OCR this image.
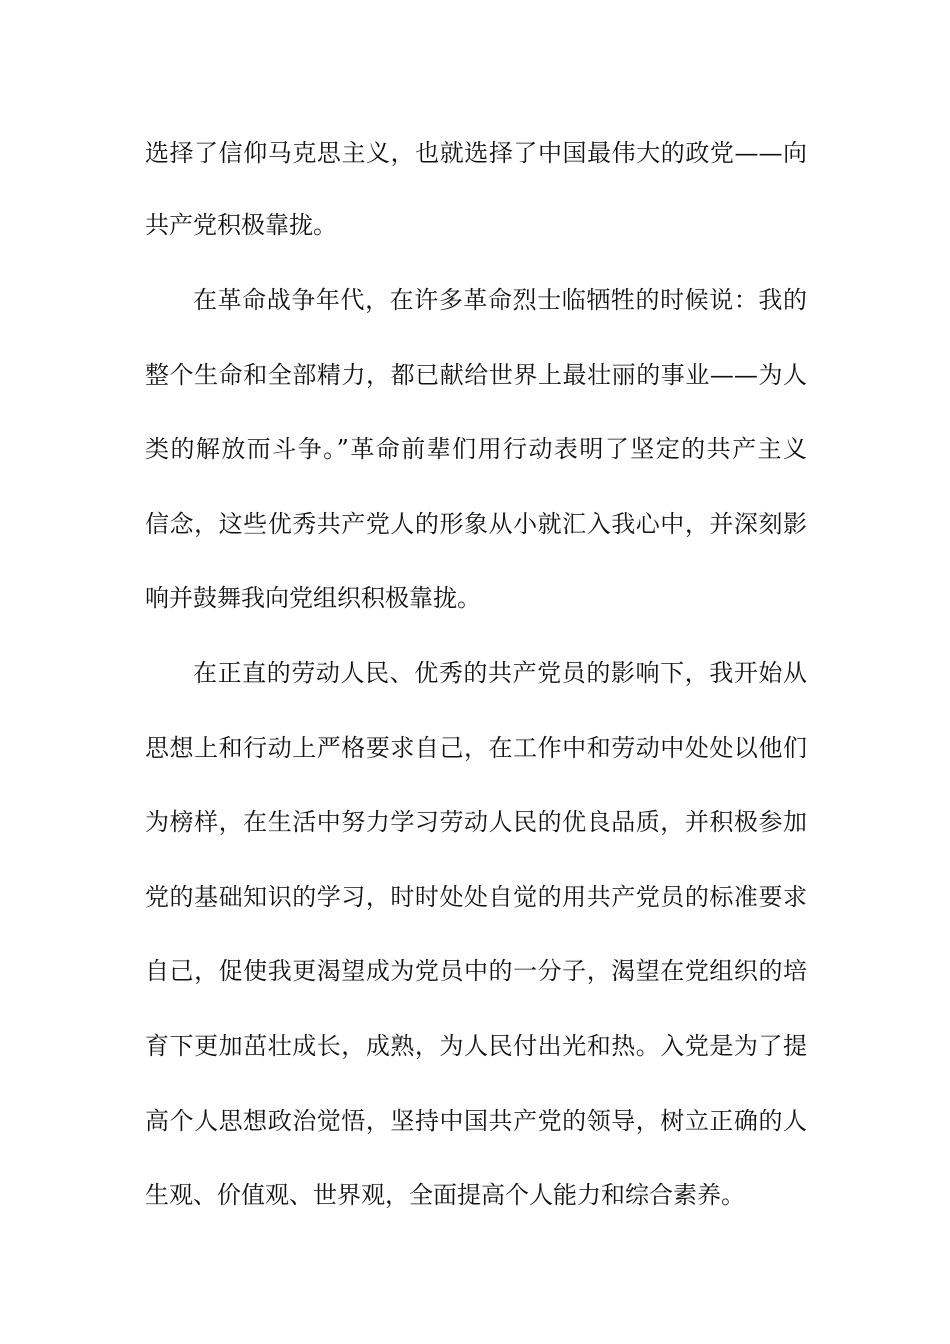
选择了信仰马克思主义，也就选择了中国最伟大的政党——向
共产党积极靠拢。
在革命战争年代，在许多革命烈士临牺牲的时候说：我的
整个生命和全部精力，都已献给世界上最壮丽的事业——为人
类的解放而斗争。”革命前辈们用行动表明了坚定的共产主义
信念，这些优秀共产党人的形象从小就汇入我心中，并深刻影
响并鼓舞我向党组织积极靠拢。
在正直的劳动人民、优秀的共产党员的影响下，我开始从
思想上和行动上严格要求自己，在工作中和劳动中处处以他们
为榜样，在生活中努力学习劳动人民的优良品质，并积极参加
党的基础知识的学习，时时处处自觉的用共产党员的标准要求
自己，促使我更渴望成为党员中的一分子，渴望在党组织的培
育下更加茁壮成长，成熟，为人民付出光和热。入党是为了提
高个人思想政治觉悟，坚持中国共产党的领导，树立正确的人
生观、价值观、世界观，全面提高个人能力和综合素养。
